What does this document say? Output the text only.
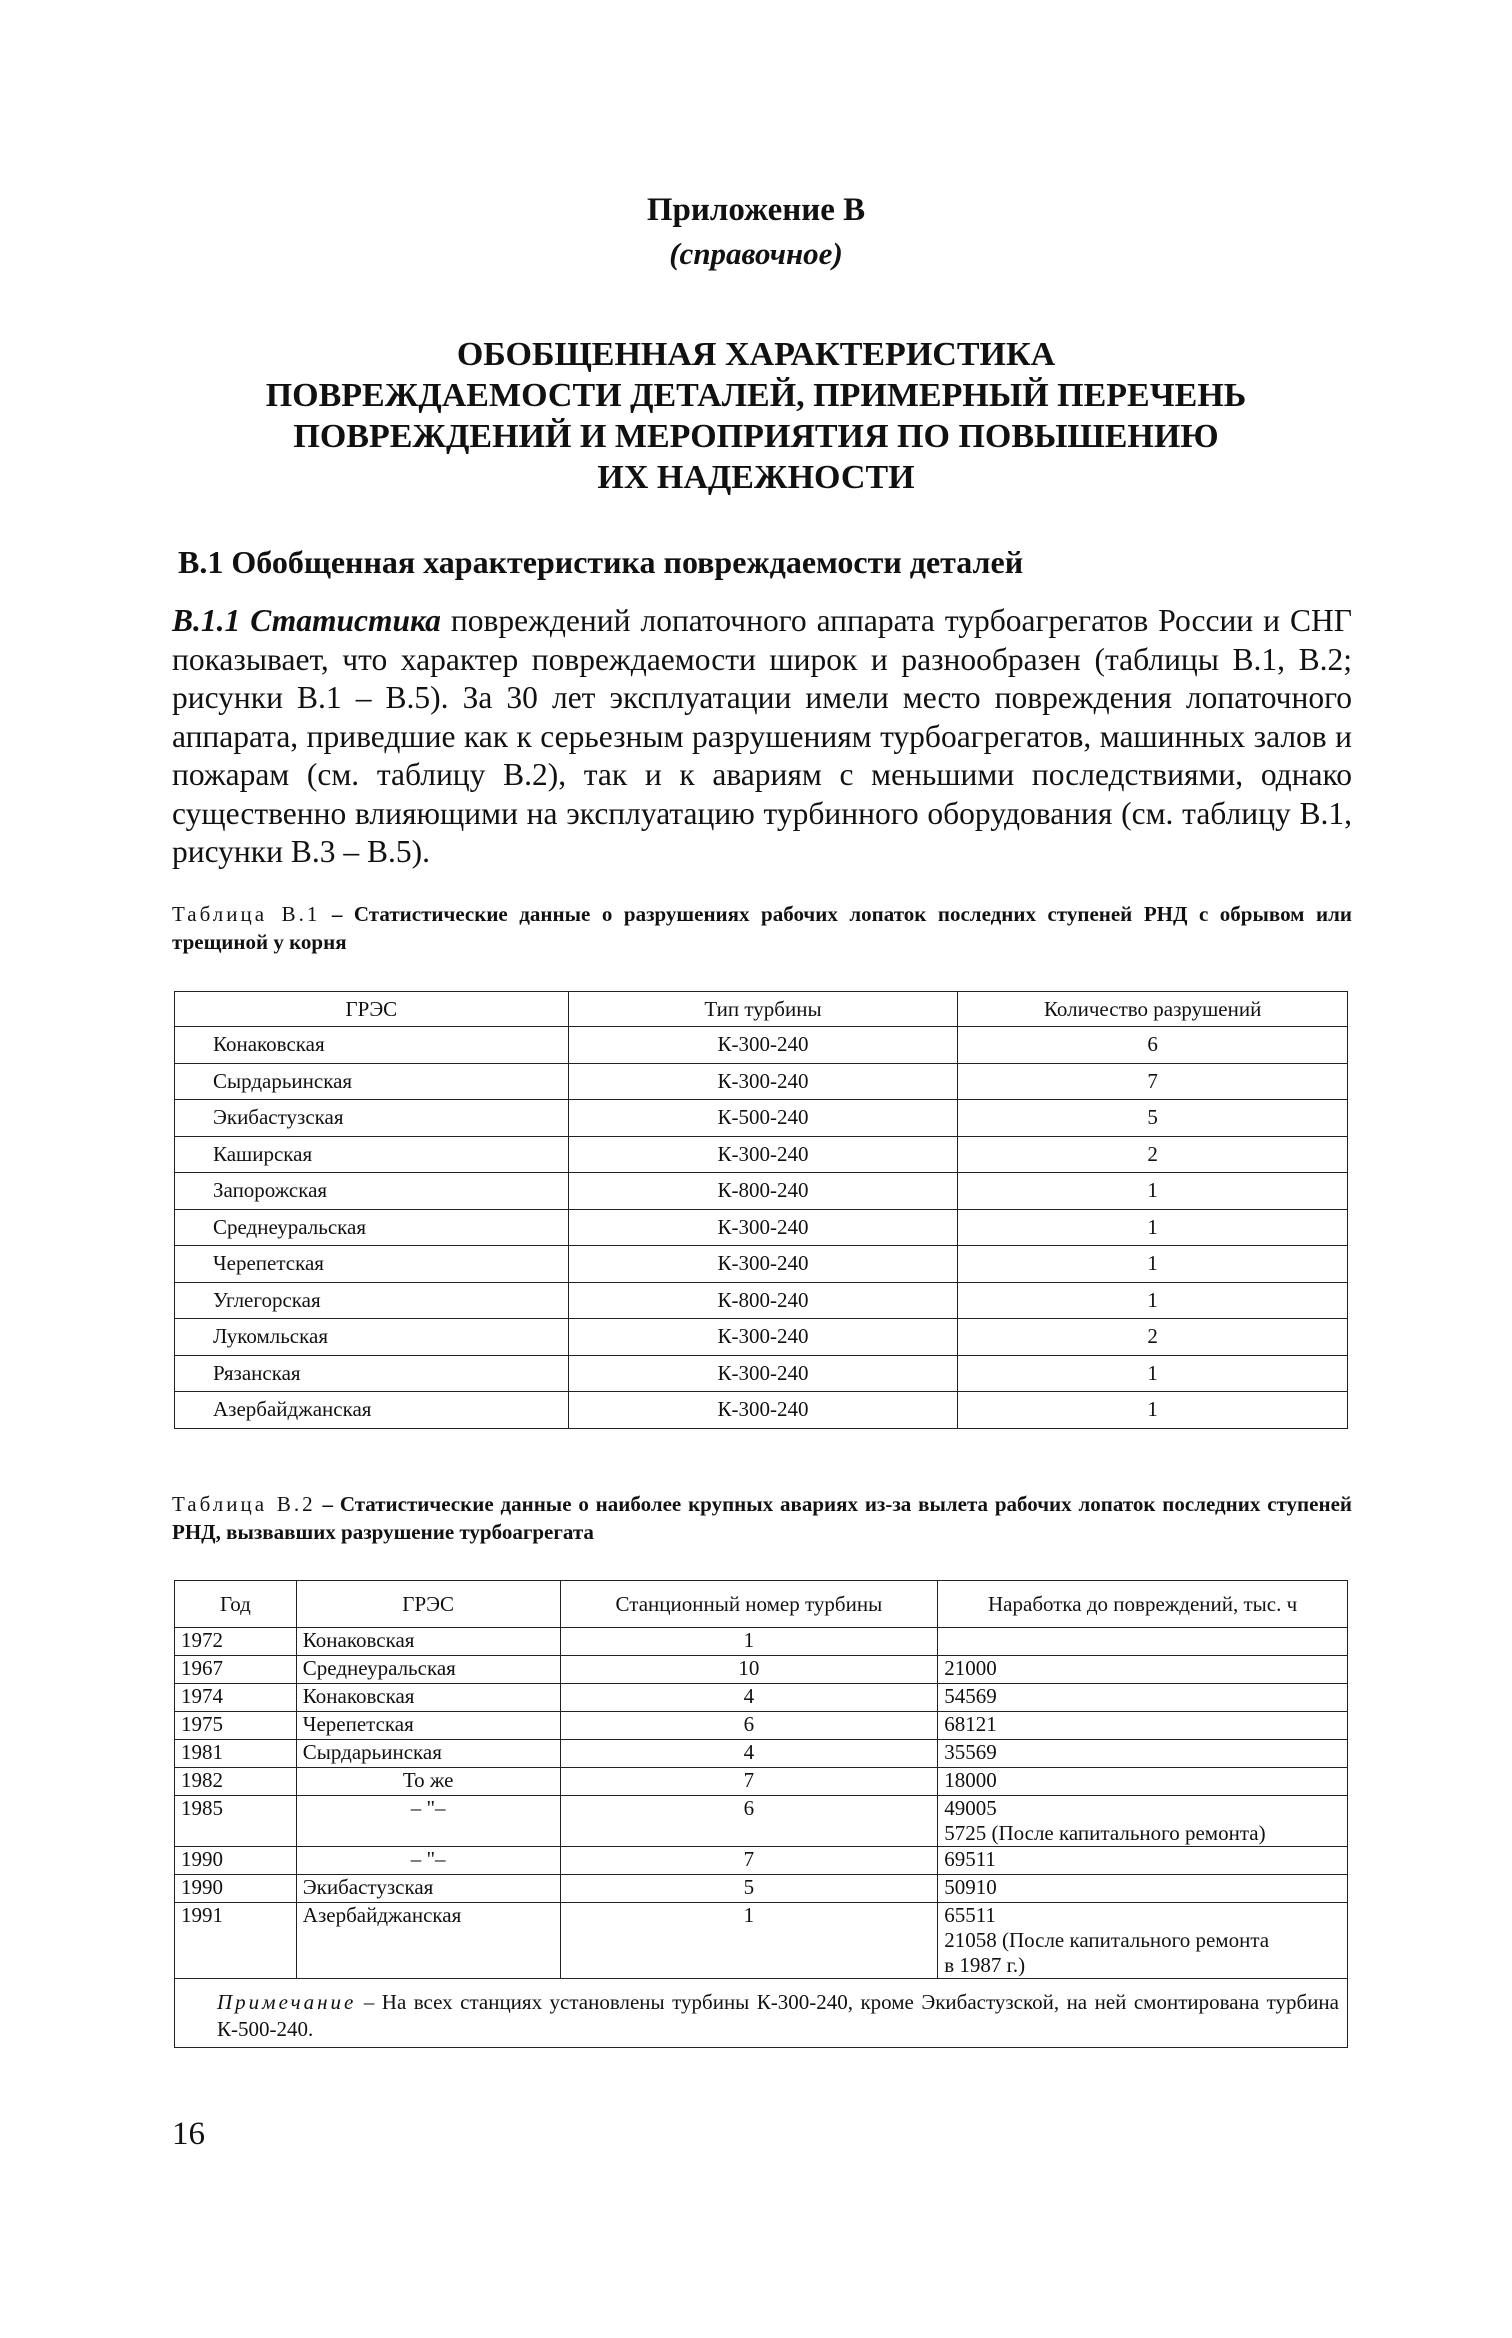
Приложение В
(справочное)
ОБОБЩЕННАЯ ХАРАКТЕРИСТИКА
ПОВРЕЖДАЕМОСТИ ДЕТАЛЕЙ, ПРИМЕРНЫЙ ПЕРЕЧЕНЬ
ПОВРЕЖДЕНИЙ И МЕРОПРИЯТИЯ ПО ПОВЫШЕНИЮ
ИХ НАДЕЖНОСТИ
В.1 Обобщенная характеристика повреждаемости деталей
В.1.1 Статистика повреждений лопаточного аппарата турбоагрегатов России и СНГ показывает, что характер повреждаемости широк и разнообразен (таблицы В.1, В.2; рисунки В.1 – В.5). За 30 лет эксплуатации имели место повреждения лопаточного аппарата, приведшие как к серьезным разрушениям турбоагрегатов, машинных залов и пожарам (см. таблицу В.2), так и к авариям с меньшими последствиями, однако существенно влияющими на эксплуатацию турбинного оборудования (см. таблицу В.1, рисунки В.3 – В.5).
Таблица В.1 – Статистические данные о разрушениях рабочих лопаток последних ступеней РНД с обрывом или трещиной у корня
ГРЭС	Тип турбины	Количество разрушений
Конаковская	К-300-240	6
Сырдарьинская	К-300-240	7
Экибастузская	К-500-240	5
Каширская	К-300-240	2
Запорожская	К-800-240	1
Среднеуральская	К-300-240	1
Черепетская	К-300-240	1
Углегорская	К-800-240	1
Лукомльская	К-300-240	2
Рязанская	К-300-240	1
Азербайджанская	К-300-240	1
Таблица В.2 – Статистические данные о наиболее крупных авариях из-за вылета рабочих лопаток последних ступеней РНД, вызвавших разрушение турбоагрегата
Год	ГРЭС	Станционный номер турбины	Наработка до повреждений, тыс. ч
1972	Конаковская	1	
1967	Среднеуральская	10	21000
1974	Конаковская	4	54569
1975	Черепетская	6	68121
1981	Сырдарьинская	4	35569
1982	То же	7	18000
1985	– "–	6	49005
5725 (После капитального ремонта)

1990	– "–	7	69511
1990	Экибастузская	5	50910
1991	Азербайджанская	1	65511
21058 (После капитального ремонта
в 1987 г.)

Примечание – На всех станциях установлены турбины К-300-240, кроме Экибастузской, на ней смонтирована турбина К-500-240.			
16
